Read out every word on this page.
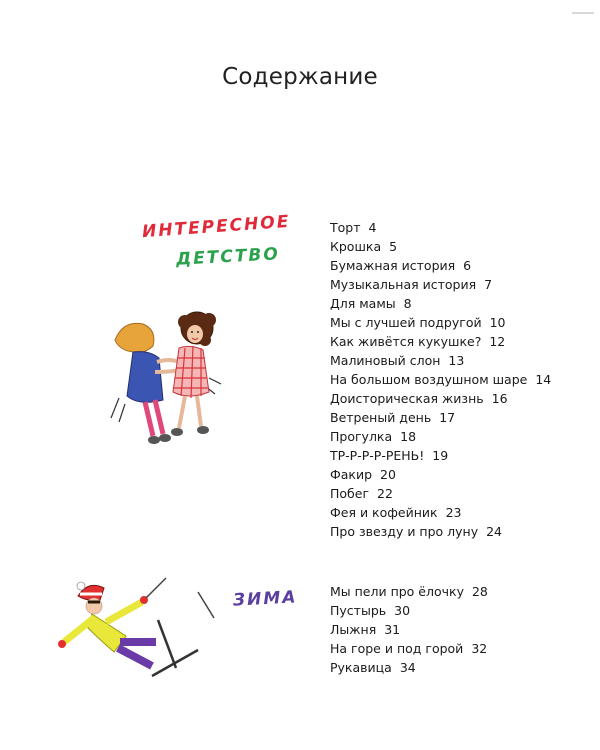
Содержание
ИНТЕРЕСНОЕ
ДЕТСТВО
Торт 4
Крошка 5
Бумажная история 6
Музыкальная история 7
Для мамы 8
Мы с лучшей подругой 10
Как живётся кукушке? 12
Малиновый слон 13
На большом воздушном шаре 14
Доисторическая жизнь 16
Ветреный день 17
Прогулка 18
ТР-Р-Р-Р-РЕНЬ! 19
Факир 20
Побег 22
Фея и кофейник 23
Про звезду и про луну 24
ЗИМА	Мы пели про ёлочку 28
Пустырь 30
Лыжня 31
На горе и под горой 32
Рукавица 34
